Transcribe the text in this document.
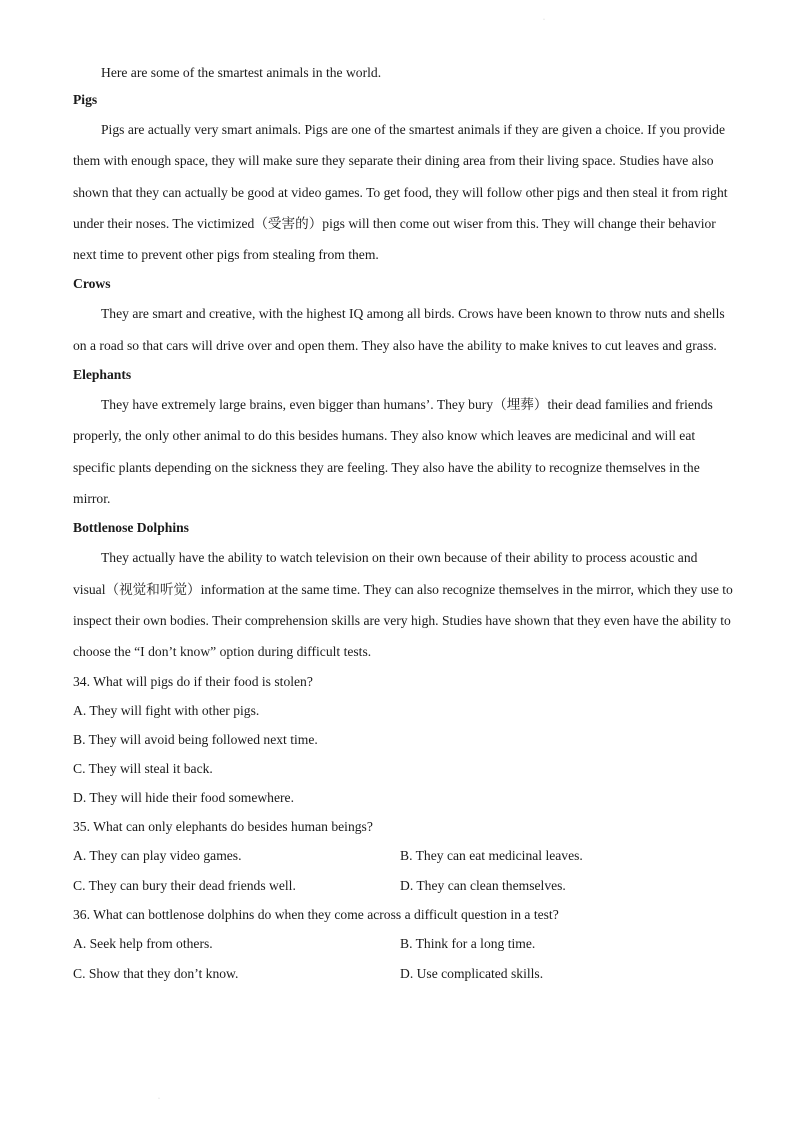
·
·

Here are some of the smartest animals in the world.

Pigs

Pigs are actually very smart animals. Pigs are one of the smartest animals if they are given a choice. If you provide them with enough space, they will make sure they separate their dining area from their living space. Studies have also shown that they can actually be good at video games. To get food, they will follow other pigs and then steal it from right under their noses. The victimized（受害的）pigs will then come out wiser from this. They will change their behavior next time to prevent other pigs from stealing from them.

Crows

They are smart and creative, with the highest IQ among all birds. Crows have been known to throw nuts and shells on a road so that cars will drive over and open them. They also have the ability to make knives to cut leaves and grass.

Elephants

They have extremely large brains, even bigger than humans’. They bury（埋葬）their dead families and friends properly, the only other animal to do this besides humans. They also know which leaves are medicinal and will eat specific plants depending on the sickness they are feeling. They also have the ability to recognize themselves in the mirror.

Bottlenose Dolphins

They actually have the ability to watch television on their own because of their ability to process acoustic and visual（视觉和听觉）information at the same time. They can also recognize themselves in the mirror, which they use to inspect their own bodies. Their comprehension skills are very high. Studies have shown that they even have the ability to choose the “I don’t know” option during difficult tests.

34. What will pigs do if their food is stolen?

A. They will fight with other pigs.

B. They will avoid being followed next time.

C. They will steal it back.

D. They will hide their food somewhere.

35. What can only elephants do besides human beings?

A. They can play video games.	B. They can eat medicinal leaves.
C. They can bury their dead friends well.	D. They can clean themselves.

36. What can bottlenose dolphins do when they come across a difficult question in a test?

A. Seek help from others.	B. Think for a long time.
C. Show that they don’t know.	D. Use complicated skills.
